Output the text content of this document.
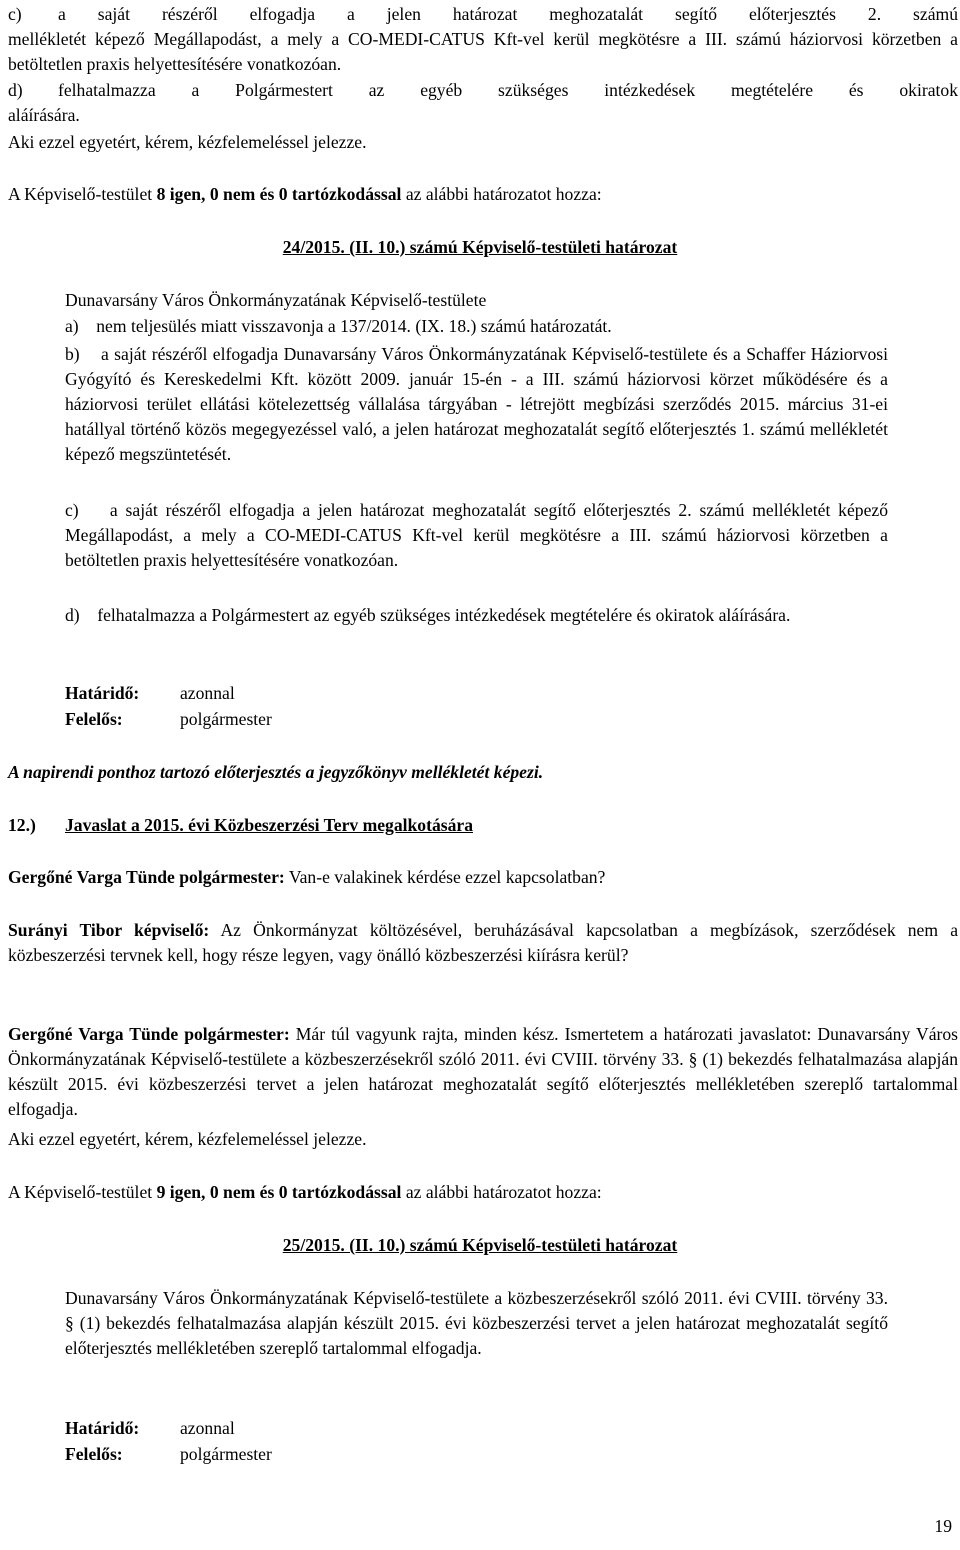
c) a saját részéről elfogadja a jelen határozat meghozatalát segítő előterjesztés 2. számú
mellékletét képező Megállapodást, a mely a CO-MEDI-CATUS Kft-vel kerül megkötésre a III. számú háziorvosi körzetben a betöltetlen praxis helyettesítésére vonatkozóan.
d) felhatalmazza a Polgármestert az egyéb szükséges intézkedések megtételére és okiratok
aláírására.
Aki ezzel egyetért, kérem, kézfelemeléssel jelezze.
A Képviselő-testület 8 igen, 0 nem és 0 tartózkodással az alábbi határozatot hozza:
24/2015. (II. 10.) számú Képviselő-testületi határozat
Dunavarsány Város Önkormányzatának Képviselő-testülete
a)    nem teljesülés miatt visszavonja a 137/2014. (IX. 18.) számú határozatát.
b)    a saját részéről elfogadja Dunavarsány Város Önkormányzatának Képviselő-testülete és a Schaffer Háziorvosi Gyógyító és Kereskedelmi Kft. között 2009. január 15-én - a III. számú háziorvosi körzet működésére és a háziorvosi terület ellátási kötelezettség vállalása tárgyában - létrejött megbízási szerződés 2015. március 31-ei hatállyal történő közös megegyezéssel való, a jelen határozat meghozatalát segítő előterjesztés 1. számú mellékletét képező megszüntetését.
c)    a saját részéről elfogadja a jelen határozat meghozatalát segítő előterjesztés 2. számú mellékletét képező Megállapodást, a mely a CO-MEDI-CATUS Kft-vel kerül megkötésre a III. számú háziorvosi körzetben a betöltetlen praxis helyettesítésére vonatkozóan.
d)    felhatalmazza a Polgármestert az egyéb szükséges intézkedések megtételére és okiratok aláírására.
Határidő: azonnal
Felelős:	polgármester
A napirendi ponthoz tartozó előterjesztés a jegyzőkönyv mellékletét képezi.
12.) Javaslat a 2015. évi Közbeszerzési Terv megalkotására
Gergőné Varga Tünde polgármester: Van-e valakinek kérdése ezzel kapcsolatban?
Surányi Tibor képviselő: Az Önkormányzat költözésével, beruházásával kapcsolatban a megbízások, szerződések nem a közbeszerzési tervnek kell, hogy része legyen, vagy önálló közbeszerzési kiírásra kerül?
Gergőné Varga Tünde polgármester: Már túl vagyunk rajta, minden kész. Ismertetem a határozati javaslatot: Dunavarsány Város Önkormányzatának Képviselő-testülete a közbeszerzésekről szóló 2011. évi CVIII. törvény 33. § (1) bekezdés felhatalmazása alapján készült 2015. évi közbeszerzési tervet a jelen határozat meghozatalát segítő előterjesztés mellékletében szereplő tartalommal elfogadja.
Aki ezzel egyetért, kérem, kézfelemeléssel jelezze.
A Képviselő-testület 9 igen, 0 nem és 0 tartózkodással az alábbi határozatot hozza:
25/2015. (II. 10.) számú Képviselő-testületi határozat
Dunavarsány Város Önkormányzatának Képviselő-testülete a közbeszerzésekről szóló 2011. évi CVIII. törvény 33. § (1) bekezdés felhatalmazása alapján készült 2015. évi közbeszerzési tervet a jelen határozat meghozatalát segítő előterjesztés mellékletében szereplő tartalommal elfogadja.
Határidő: azonnal
Felelős:	polgármester
19
